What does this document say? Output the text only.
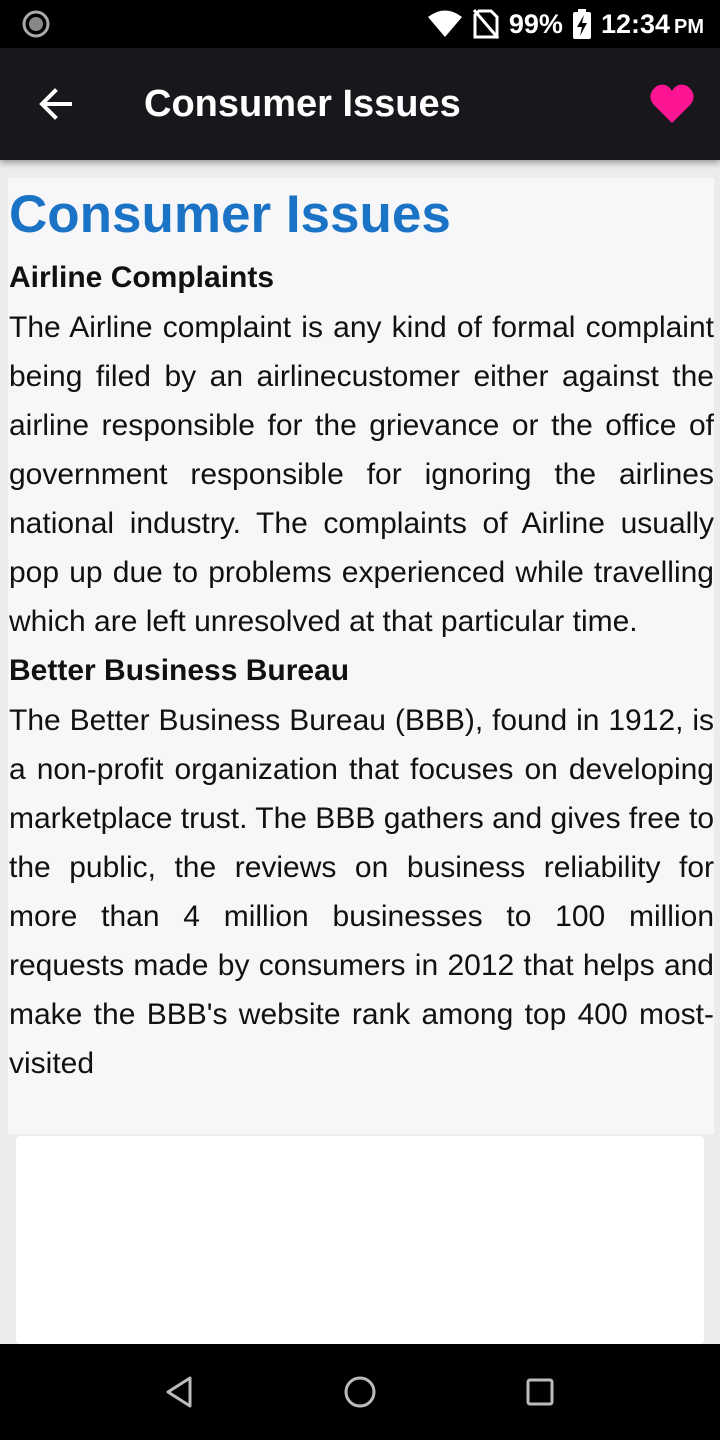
99% 12:34 PM
Consumer Issues
Consumer Issues
Airline Complaints
The Airline complaint is any kind of formal complaint being filed by an airlinecustomer either against the airline responsible for the grievance or the office of government responsible for ignoring the airlines national industry. The complaints of Airline usually pop up due to problems experienced while travelling which are left unresolved at that particular time.
Better Business Bureau
The Better Business Bureau (BBB), found in 1912, is a non-profit organization that focuses on developing marketplace trust. The BBB gathers and gives free to the public, the reviews on business reliability for more than 4 million businesses to 100 million requests made by consumers in 2012 that helps and make the BBB's website rank among top 400 most-visited
